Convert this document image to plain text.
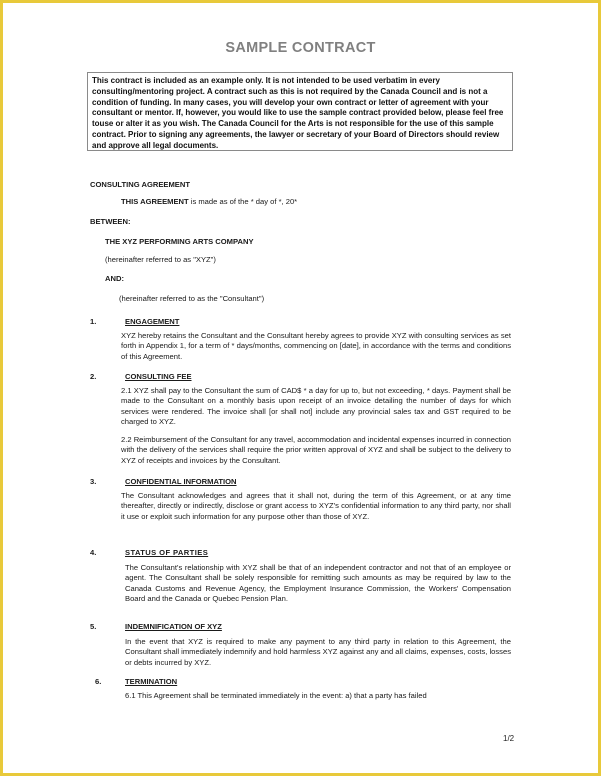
SAMPLE CONTRACT
This contract is included as an example only. It is not intended to be used verbatim in every consulting/mentoring project. A contract such as this is not required by the Canada Council and is not a condition of funding. In many cases, you will develop your own contract or letter of agreement with your consultant or mentor. If, however, you would like to use the sample contract provided below, please feel free touse or alter it as you wish. The Canada Council for the Arts is not responsible for the use of this sample contract. Prior to signing any agreements, the lawyer or secretary of your Board of Directors should review and approve all legal documents.
CONSULTING AGREEMENT
THIS AGREEMENT is made as of the * day of *, 20*
BETWEEN:
THE XYZ PERFORMING ARTS COMPANY
(hereinafter referred to as "XYZ")
AND:
(hereinafter referred to as the "Consultant")
1.	ENGAGEMENT
XYZ hereby retains the Consultant and the Consultant hereby agrees to provide XYZ with consulting services as set forth in Appendix 1, for a term of * days/months, commencing on [date], in accordance with the terms and conditions of this Agreement.
2.	CONSULTING FEE
2.1 XYZ shall pay to the Consultant the sum of CAD$ * a day for up to, but not exceeding, * days. Payment shall be made to the Consultant on a monthly basis upon receipt of an invoice detailing the number of days for which services were rendered. The invoice shall [or shall not] include any provincial sales tax and GST required to be charged to XYZ.
2.2 Reimbursement of the Consultant for any travel, accommodation and incidental expenses incurred in connection with the delivery of the services shall require the prior written approval of XYZ and shall be subject to the delivery to XYZ of receipts and invoices by the Consultant.
3.	CONFIDENTIAL INFORMATION
The Consultant acknowledges and agrees that it shall not, during the term of this Agreement, or at any time thereafter, directly or indirectly, disclose or grant access to XYZ's confidential information to any third party, nor shall it use or exploit such information for any purpose other than those of XYZ.
4.	STATUS OF PARTIES
The Consultant's relationship with XYZ shall be that of an independent contractor and not that of an employee or agent. The Consultant shall be solely responsible for remitting such amounts as may be required by law to the Canada Customs and Revenue Agency, the Employment Insurance Commission, the Workers' Compensation Board and the Canada or Quebec Pension Plan.
5.	INDEMNIFICATION OF XYZ
In the event that XYZ is required to make any payment to any third party in relation to this Agreement, the Consultant shall immediately indemnify and hold harmless XYZ against any and all claims, expenses, costs, losses or debts incurred by XYZ.
6.	TERMINATION
6.1 This Agreement shall be terminated immediately in the event: a) that a party has failed
1/2
